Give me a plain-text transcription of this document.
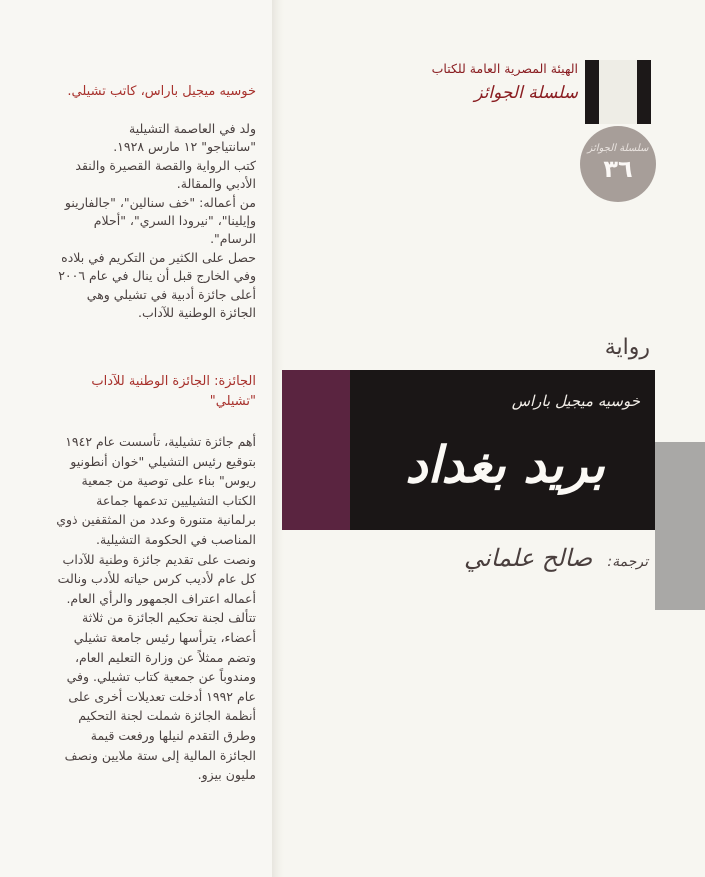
خوسيه ميجيل باراس، كاتب تشيلي.
ولد في العاصمة التشيلية
"سانتياجو" ١٢ مارس ١٩٢٨.
كتب الرواية والقصة القصيرة والنقد
الأدبي والمقالة.
من أعماله: "خف سنالين"، "جالفارينو
وإيلينا"، "نيرودا السري"، "أحلام
الرسام".
حصل على الكثير من التكريم في بلاده
وفي الخارج قبل أن ينال في عام ٢٠٠٦
أعلى جائزة أدبية في تشيلي وهي
الجائزة الوطنية للآداب.
الجائزة: الجائزة الوطنية للآداب
"تشيلي"
أهم جائزة تشيلية، تأسست عام ١٩٤٢
بتوقيع رئيس التشيلي "خوان أنطونيو
ريوس" بناء على توصية من جمعية
الكتاب التشيليين تدعمها جماعة
برلمانية متنورة وعدد من المثقفين ذوي
المناصب في الحكومة التشيلية.
ونصت على تقديم جائزة وطنية للآداب
كل عام لأديب كرس حياته للأدب ونالت
أعماله اعتراف الجمهور والرأي العام.
تتألف لجنة تحكيم الجائزة من ثلاثة
أعضاء، يترأسها رئيس جامعة تشيلي
وتضم ممثلاً عن وزارة التعليم العام،
ومندوباً عن جمعية كتاب تشيلي. وفي
عام ١٩٩٢ أدخلت تعديلات أخرى على
أنظمة الجائزة شملت لجنة التحكيم
وطرق التقدم لنيلها ورفعت قيمة
الجائزة المالية إلى ستة ملايين ونصف
مليون بيزو.
الهيئة المصرية العامة للكتاب
سلسلة الجوائز
سلسلة الجوائز
٣٦
رواية
خوسيه ميجيل باراس
بريد بغداد
ترجمة: صالح علماني
